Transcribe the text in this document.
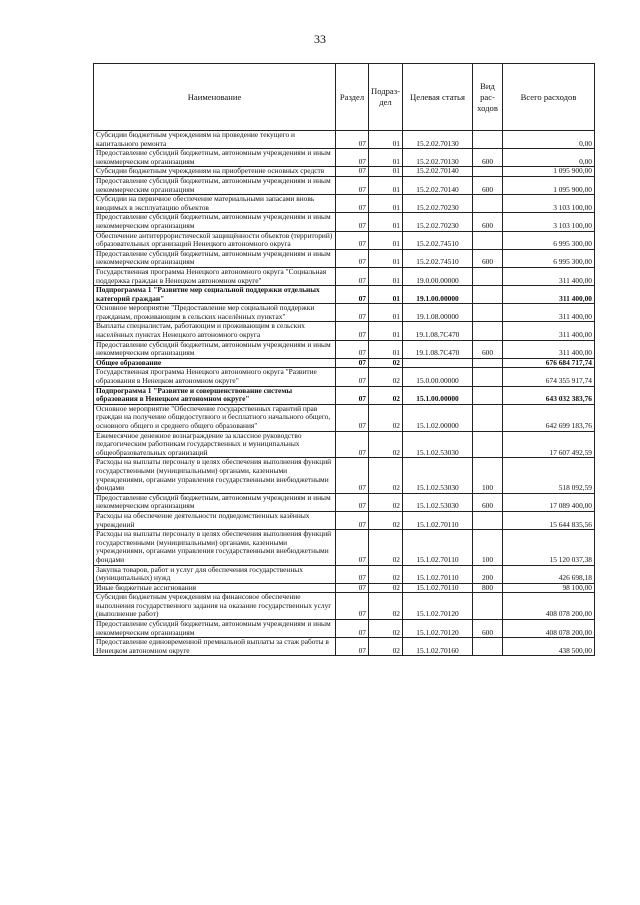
33
Наименование	Раздел	Подраз-дел	Целевая статья	Вид рас-ходов	Всего расходов
Субсидии бюджетным учреждениям на проведение текущего и капитального ремонта	07	01	15.2.02.70130		0,00
Предоставление субсидий бюджетным, автономным учреждениям и иным некоммерческим организациям	07	01	15.2.02.70130	600	0,00
Субсидии бюджетным учреждениям на приобретение основных средств	07	01	15.2.02.70140		1 095 900,00
Предоставление субсидий бюджетным, автономным учреждениям и иным некоммерческим организациям	07	01	15.2.02.70140	600	1 095 900,00
Субсидии на первичное обеспечение материальными запасами вновь вводимых в эксплуатацию объектов	07	01	15.2.02.70230		3 103 100,00
Предоставление субсидий бюджетным, автономным учреждениям и иным некоммерческим организациям	07	01	15.2.02.70230	600	3 103 100,00
Обеспечение антитеррористической защищённости объектов (территорий) образовательных организаций Ненецкого автономного округа	07	01	15.2.02.74510		6 995 300,00
Предоставление субсидий бюджетным, автономным учреждениям и иным некоммерческим организациям	07	01	15.2.02.74510	600	6 995 300,00
Государственная программа Ненецкого автономного округа "Социальная поддержка граждан в Ненецком автономном округе"	07	01	19.0.00.00000		311 400,00
Подпрограмма 1 "Развитие мер социальной поддержки отдельных категорий граждан"	07	01	19.1.00.00000		311 400,00
Основное мероприятие "Предоставление мер социальной поддержки гражданам, проживающим в сельских населённых пунктах"	07	01	19.1.08.00000		311 400,00
Выплаты специалистам, работающим и проживающим в сельских населённых пунктах Ненецкого автономного округа	07	01	19.1.08.7С470		311 400,00
Предоставление субсидий бюджетным, автономным учреждениям и иным некоммерческим организациям	07	01	19.1.08.7С470	600	311 400,00
Общее образование	07	02			676 684 717,74
Государственная программа Ненецкого автономного округа "Развитие образования в Ненецком автономном округе"	07	02	15.0.00.00000		674 355 917,74
Подпрограмма 1 "Развитие и совершенствование системы образования в Ненецком автономном округе"	07	02	15.1.00.00000		643 032 383,76
Основное мероприятие "Обеспечение государственных гарантий прав граждан на получение общедоступного и бесплатного начального общего, основного общего и среднего общего образования"	07	02	15.1.02.00000		642 699 183,76
Ежемесячное денежное вознаграждение за классное руководство педагогическим работникам государственных и муниципальных общеобразовательных организаций	07	02	15.1.02.53030		17 607 492,59
Расходы на выплаты персоналу в целях обеспечения выполнения функций государственными (муниципальными) органами, казенными учреждениями, органами управления государственными внебюджетными фондами	07	02	15.1.02.53030	100	518 092,59
Предоставление субсидий бюджетным, автономным учреждениям и иным некоммерческим организациям	07	02	15.1.02.53030	600	17 089 400,00
Расходы на обеспечение деятельности подведомственных казённых учреждений	07	02	15.1.02.70110		15 644 835,56
Расходы на выплаты персоналу в целях обеспечения выполнения функций государственными (муниципальными) органами, казенными учреждениями, органами управления государственными внебюджетными фондами	07	02	15.1.02.70110	100	15 120 037,38
Закупка товаров, работ и услуг для обеспечения государственных (муниципальных) нужд	07	02	15.1.02.70110	200	426 698,18
Иные бюджетные ассигнования	07	02	15.1.02.70110	800	98 100,00
Субсидии бюджетным учреждениям на финансовое обеспечение выполнения государственного задания на оказание государственных услуг (выполнение работ)	07	02	15.1.02.70120		408 078 200,00
Предоставление субсидий бюджетным, автономным учреждениям и иным некоммерческим организациям	07	02	15.1.02.70120	600	408 078 200,00
Предоставление единовременной премиальной выплаты за стаж работы в Ненецком автономном округе	07	02	15.1.02.70160		438 500,00
